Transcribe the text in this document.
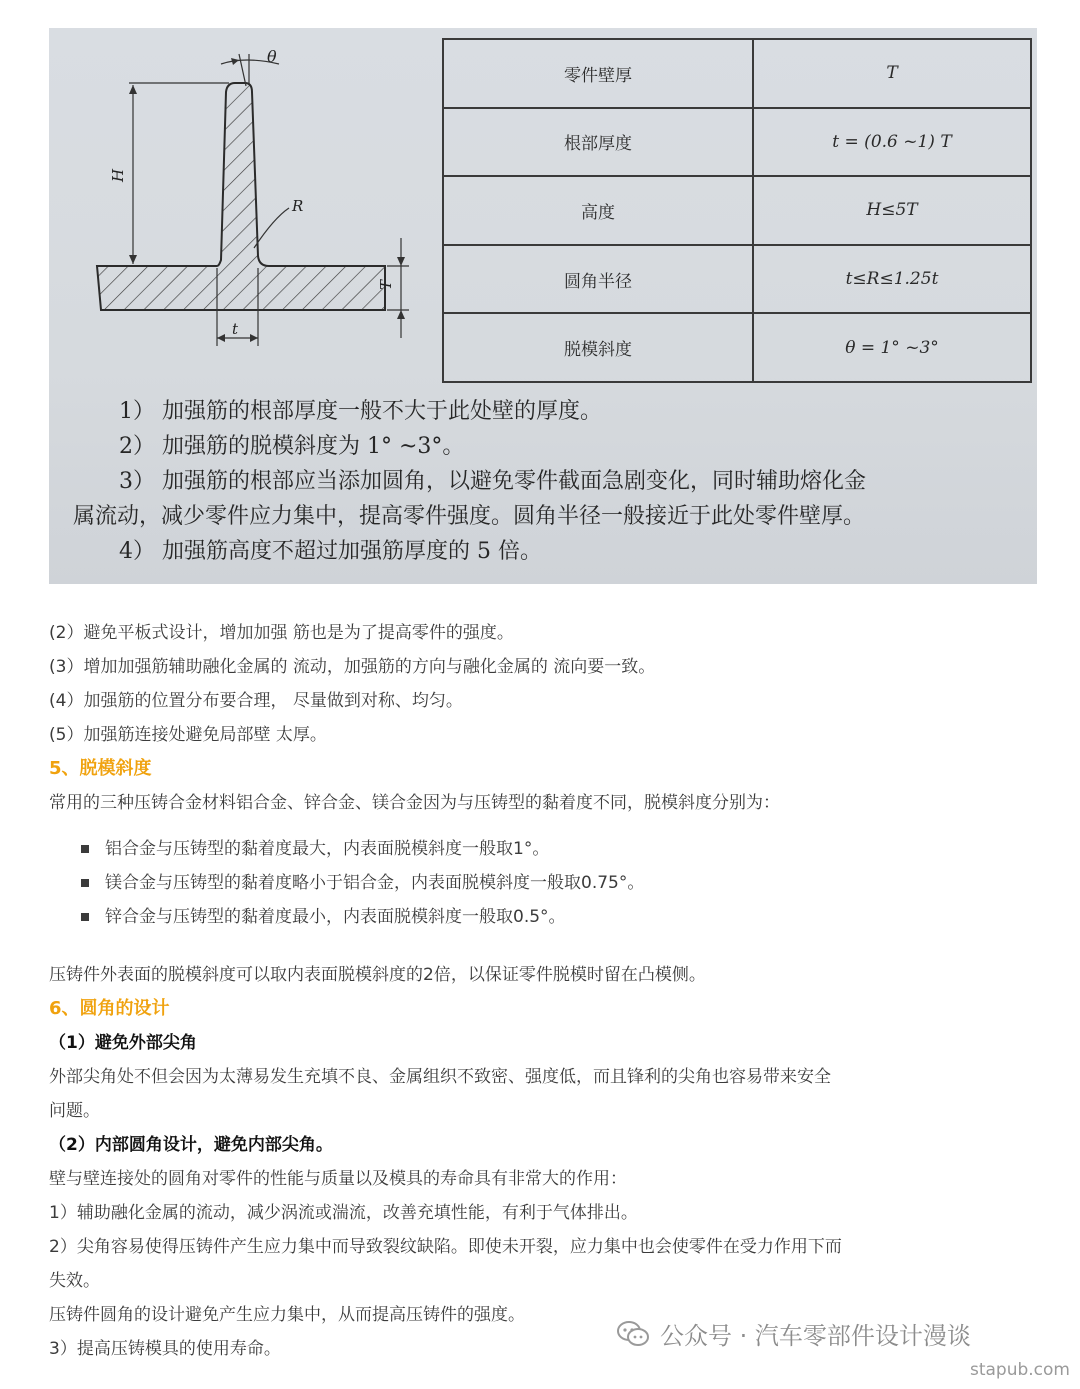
θ
H
R
T
t
零件壁厚	T
根部厚度	t = (0.6 ~1) T
高度	H≤5T
圆角半径	t≤R≤1.25t
脱模斜度	θ = 1° ~3°

1） 加强筋的根部厚度一般不大于此处壁的厚度。

2） 加强筋的脱模斜度为 1° ~3°。

3） 加强筋的根部应当添加圆角，以避免零件截面急剧变化，同时辅助熔化金

属流动，减少零件应力集中，提高零件强度。圆角半径一般接近于此处零件壁厚。

4） 加强筋高度不超过加强筋厚度的 5 倍。

(2）避免平板式设计，增加加强 筋也是为了提高零件的强度。

(3）增加加强筋辅助融化金属的 流动，加强筋的方向与融化金属的 流向要一致。

(4）加强筋的位置分布要合理， 尽量做到对称、均匀。

(5）加强筋连接处避免局部壁 太厚。

5、脱模斜度

常用的三种压铸合金材料铝合金、锌合金、镁合金因为与压铸型的黏着度不同，脱模斜度分别为：

铝合金与压铸型的黏着度最大，内表面脱模斜度一般取1°。
镁合金与压铸型的黏着度略小于铝合金，内表面脱模斜度一般取0.75°。
锌合金与压铸型的黏着度最小，内表面脱模斜度一般取0.5°。

压铸件外表面的脱模斜度可以取内表面脱模斜度的2倍，以保证零件脱模时留在凸模侧。

6、圆角的设计
（1）避免外部尖角

外部尖角处不但会因为太薄易发生充填不良、金属组织不致密、强度低，而且锋利的尖角也容易带来安全

问题。

（2）内部圆角设计，避免内部尖角。

壁与壁连接处的圆角对零件的性能与质量以及模具的寿命具有非常大的作用：

1）辅助融化金属的流动，减少涡流或湍流，改善充填性能，有利于气体排出。

2）尖角容易使得压铸件产生应力集中而导致裂纹缺陷。即使未开裂，应力集中也会使零件在受力作用下而

失效。

压铸件圆角的设计避免产生应力集中，从而提高压铸件的强度。

3）提高压铸模具的使用寿命。	公众号 · 汽车零部件设计漫谈
stapub.com
